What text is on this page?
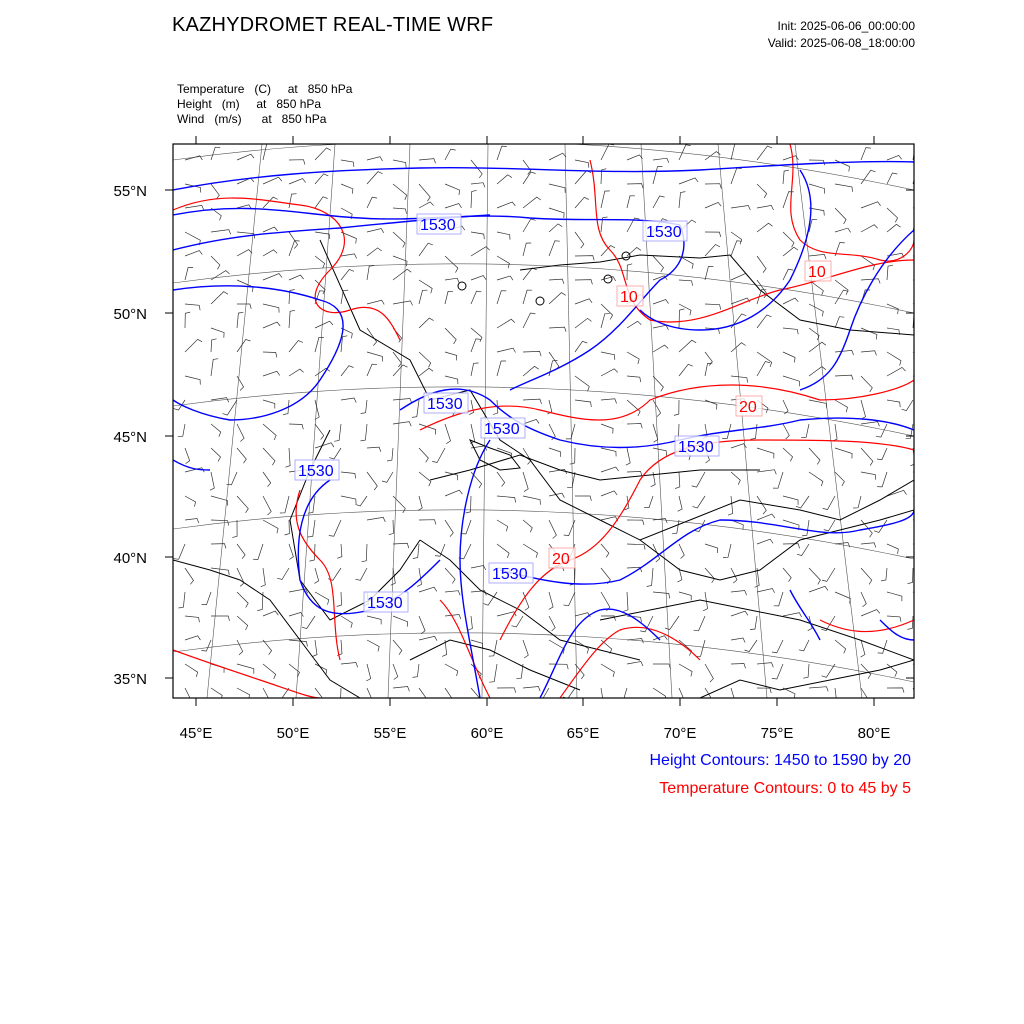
KAZHYDROMET REAL-TIME WRF	Init: 2025-06-06_00:00:00
Valid: 2025-06-08_18:00:00
Temperature   (C)     at   850 hPa
Height   (m)     at   850 hPa
Wind   (m/s)      at   850 hPa
1530	1530
1530
1530
1530
1530
1530
1530
10
10
20
20
55°N
50°N
45°N
40°N
35°N
45°E	50°E	55°E	60°E	65°E	70°E	75°E	80°E
Height Contours: 1450 to 1590 by 20
Temperature Contours: 0 to 45 by 5
